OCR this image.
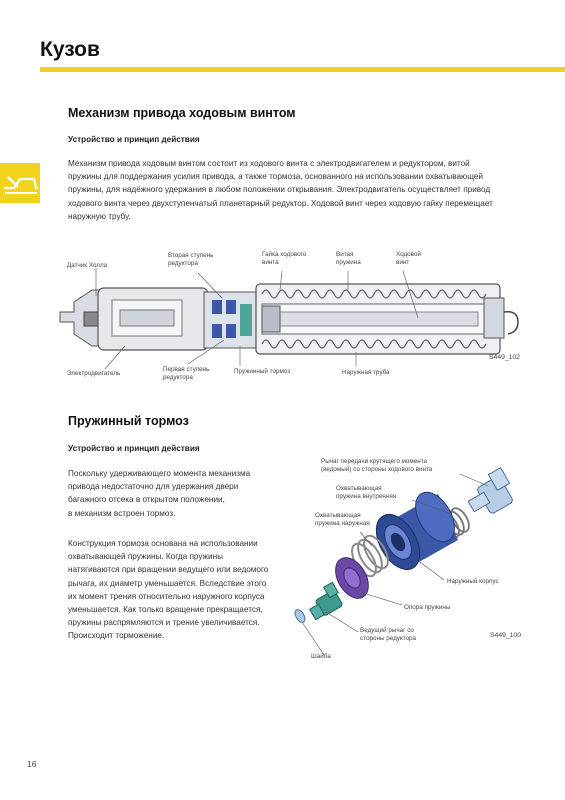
Кузов
Механизм привода ходовым винтом
Устройство и принцип действия

Механизм привода ходовым винтом состоит из ходового винта с электродвигателем и редуктором, витой

пружины для поддержания усилия привода, а также тормоза, основанного на использовании охватывающей

пружины, для надёжного удержания в любом положении открывания. Электродвигатель осуществляет привод

ходового винта через двухступенчатый планетарный редуктор. Ходовой винт через ходовую гайку перемещает

наружную трубу.

Датчик Холла
Вторая ступень
редуктора
Гайка ходового
винта
Витая
пружина
Ходовой
винт
Электродвигатель
Первая ступень
редуктора
Пружинный тормоз	Наружная труба
S449_102
Пружинный тормоз
Устройство и принцип действия

Поскольку удерживающего момента механизма

привода недостаточно для удержания двери

багажного отсека в открытом положении,

в механизм встроен тормоз.

Конструкция тормоза основана на использовании

охватывающей пружины. Когда пружины

натягиваются при вращении ведущего или ведомого

рычага, их диаметр уменьшается. Вследствие этого

их момент трения относительно наружного корпуса

уменьшается. Как только вращение прекращается,

пружины распрямляются и трение увеличивается.

Происходит торможение.

Рычаг передачи крутящего момента
(ведомый) со стороны ходового винта
Охватывающая
пружина внутренняя
Охватывающая
пружина наружная
Наружный корпус
Опора пружины
Ведущий рычаг со
стороны редуктора
Шайба
S449_100
16
